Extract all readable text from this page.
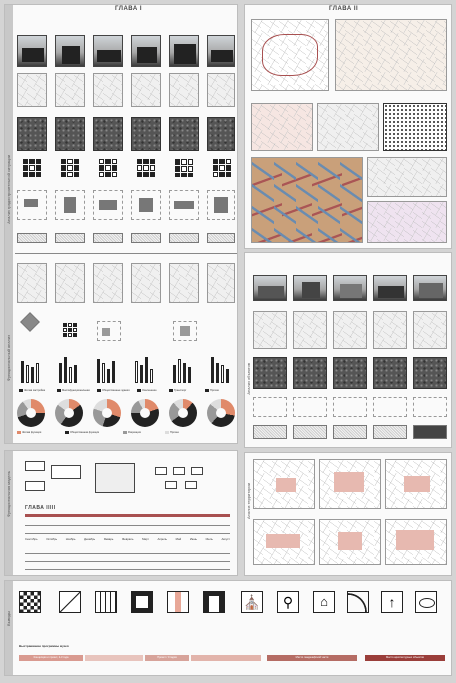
Анализ градостроительной ситуации
Функциональный анализ
ГЛАВА I
Жилая застройка	Многофункциональная	Общественные здания	Озеленение	Транспорт	Прочие
Жилая функция	Общественная функция	Рекреация	Прочее
ГЛАВА II
Анализ объектов
Функциональная модель	ГЛАВА IIIII
Сентябрь	Октябрь	Ноябрь	Декабрь	Январь	Февраль	Март	Апрель	Май	Июнь	Июль	Август
Анализ территории
Выводы
⛪	⚲	⌂	↑
Выстраивание программы музея
Концепция и проект, 2-3 года	Проект / Стадия	Место ландшафтной части	Место архитектурных объектов
